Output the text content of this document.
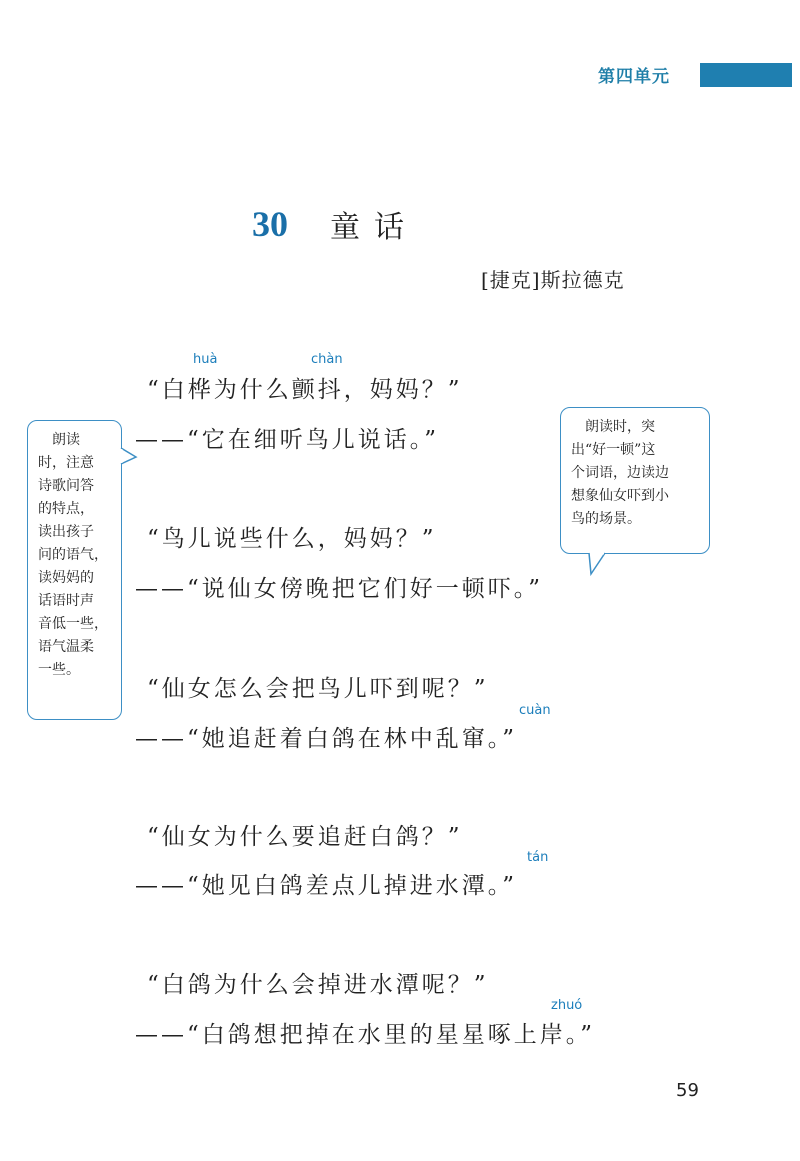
第四单元
30 童话
[捷克]斯拉德克
huà	chàn
cuàn
tán
zhuó
“白桦为什么颤抖，妈妈？”
——“它在细听鸟儿说话。”
“鸟儿说些什么，妈妈？”
——“说仙女傍晚把它们好一顿吓。”
“仙女怎么会把鸟儿吓到呢？”
——“她追赶着白鸽在林中乱窜。”
“仙女为什么要追赶白鸽？”
——“她见白鸽差点儿掉进水潭。”
“白鸽为什么会掉进水潭呢？”
——“白鸽想把掉在水里的星星啄上岸。”
　朗读
时，注意
诗歌问答
的特点，
读出孩子
问的语气，
读妈妈的
话语时声
音低一些，
语气温柔
一些。
　朗读时，突
出“好一顿”这
个词语，边读边
想象仙女吓到小
鸟的场景。
59
